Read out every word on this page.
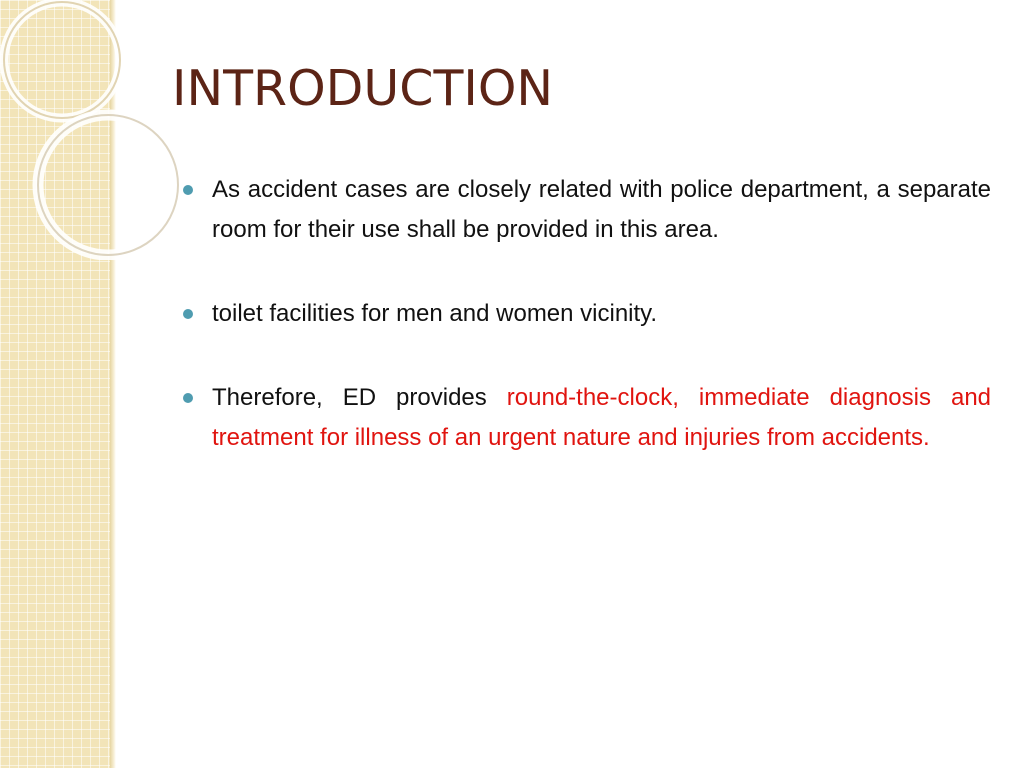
INTRODUCTION
As accident cases are closely related with police department, a separate room for their use shall be provided in this area.
toilet facilities for men and women vicinity.
Therefore, ED provides round-the-clock, immediate diagnosis and treatment for illness of an urgent nature and injuries from accidents.
